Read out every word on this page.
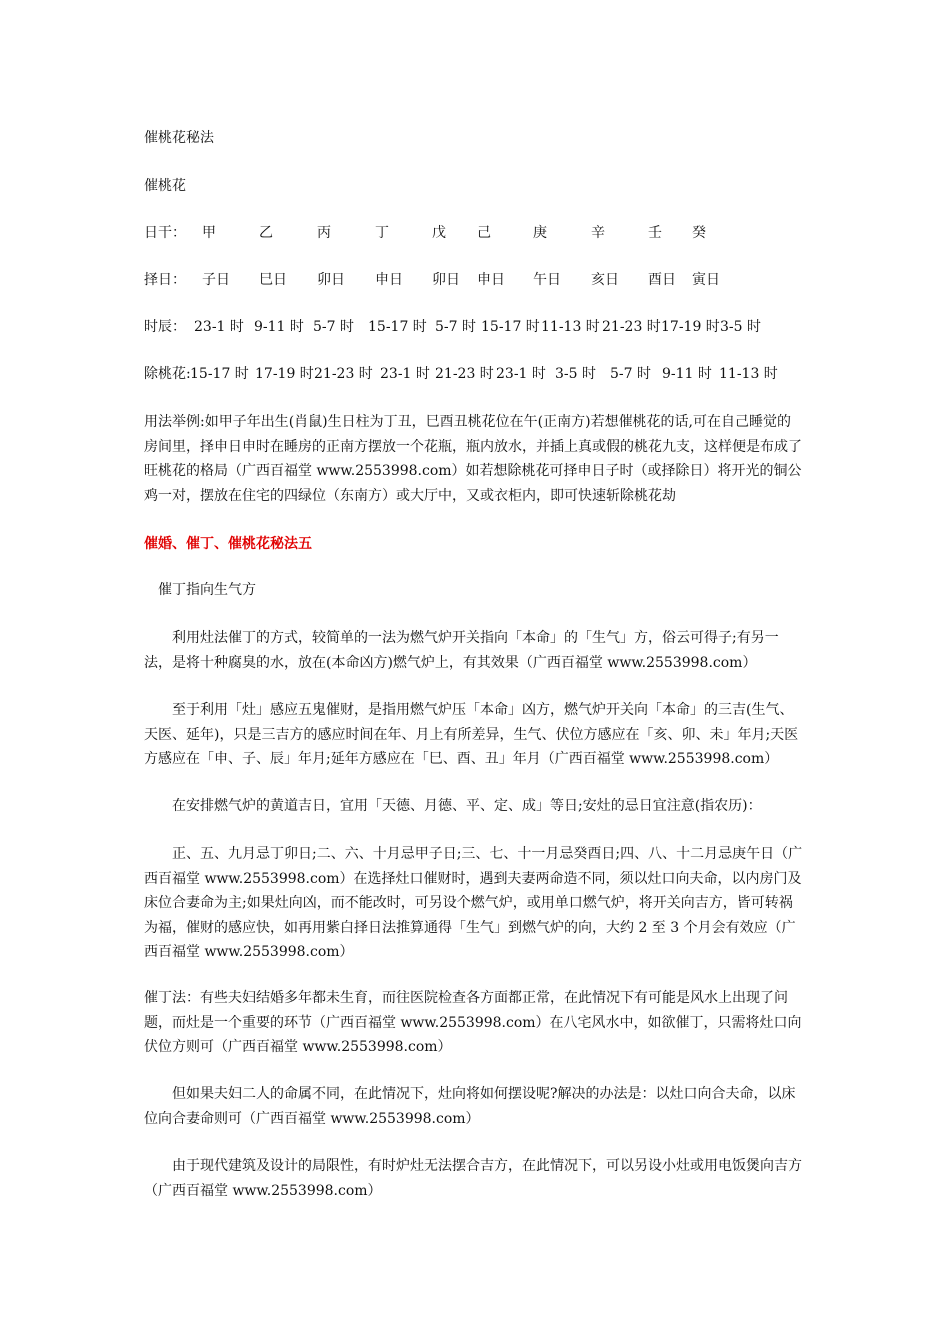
催桃花秘法

催桃花

日干： 甲	乙	丙	丁	戊 己	庚	辛	壬 癸
择日： 子日 巳日 卯日 申日 卯日 申日 午日 亥日 酉日 寅日
时辰： 23-1 时 9-11 时 5-7 时 15-17 时 5-7 时 15-17 时 11-13 时 21-23 时 17-19 时 3-5 时
除桃花: 15-17 时 17-19 时 21-23 时 23-1 时 21-23 时 23-1 时 3-5 时 5-7 时 9-11 时 11-13 时

用法举例:如甲子年出生(肖鼠)生日柱为丁丑，巳酉丑桃花位在午(正南方)若想催桃花的话,可在自己睡觉的房间里，择申日申时在睡房的正南方摆放一个花瓶，瓶内放水，并插上真或假的桃花九支，这样便是布成了旺桃花的格局（广西百福堂 www.2553998.com）如若想除桃花可择申日子时（或择除日）将开光的铜公鸡一对，摆放在住宅的四绿位（东南方）或大厅中，又或衣柜内，即可快速斩除桃花劫

催婚、催丁、催桃花秘法五

催丁指向生气方

利用灶法催丁的方式，较简单的一法为燃气炉开关指向「本命」的「生气」方，俗云可得子;有另一法，是将十种腐臭的水，放在(本命凶方)燃气炉上，有其效果（广西百福堂 www.2553998.com）

至于利用「灶」感应五鬼催财，是指用燃气炉压「本命」凶方，燃气炉开关向「本命」的三吉(生气、天医、延年)，只是三吉方的感应时间在年、月上有所差异，生气、伏位方感应在「亥、卯、未」年月;天医方感应在「申、子、辰」年月;延年方感应在「巳、酉、丑」年月（广西百福堂 www.2553998.com）

在安排燃气炉的黄道吉日，宜用「天德、月德、平、定、成」等日;安灶的忌日宜注意(指农历)：

正、五、九月忌丁卯日;二、六、十月忌甲子日;三、七、十一月忌癸酉日;四、八、十二月忌庚午日（广西百福堂 www.2553998.com）在选择灶口催财时，遇到夫妻两命造不同，须以灶口向夫命，以内房门及床位合妻命为主;如果灶向凶，而不能改时，可另设个燃气炉，或用单口燃气炉，将开关向吉方，皆可转祸为福，催财的感应快，如再用紫白择日法推算通得「生气」到燃气炉的向，大约 2 至 3 个月会有效应（广西百福堂 www.2553998.com）

催丁法：有些夫妇结婚多年都未生育，而往医院检查各方面都正常，在此情况下有可能是风水上出现了问题，而灶是一个重要的环节（广西百福堂 www.2553998.com）在八宅风水中，如欲催丁，只需将灶口向伏位方则可（广西百福堂 www.2553998.com）

但如果夫妇二人的命属不同，在此情况下，灶向将如何摆设呢?解决的办法是：以灶口向合夫命，以床位向合妻命则可（广西百福堂 www.2553998.com）

由于现代建筑及设计的局限性，有时炉灶无法摆合吉方，在此情况下，可以另设小灶或用电饭煲向吉方（广西百福堂 www.2553998.com）
